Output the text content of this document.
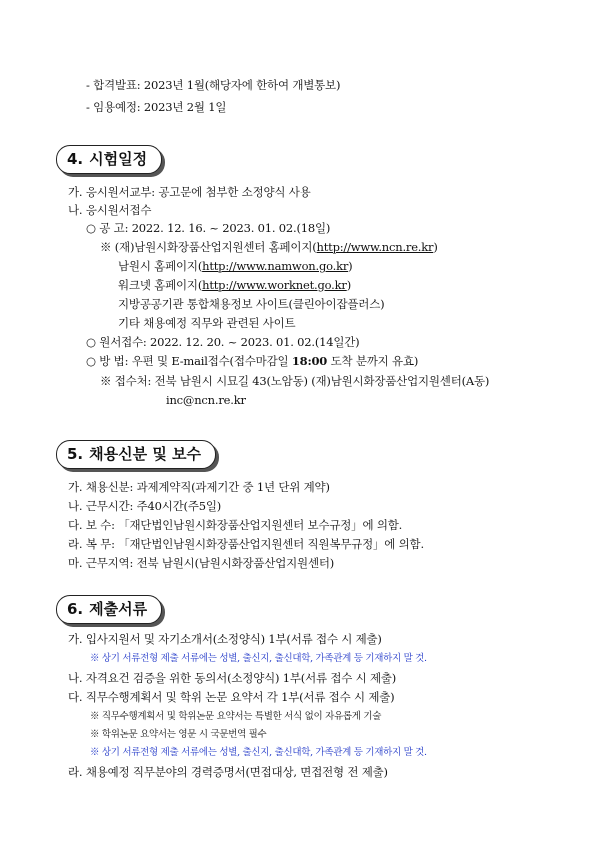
- 합격발표: 2023년 1월(해당자에 한하여 개별통보)
- 임용예정: 2023년 2월 1일
4. 시험일정
가. 응시원서교부: 공고문에 첨부한 소정양식 사용
나. 응시원서접수
○ 공 고: 2022. 12. 16. ~ 2023. 01. 02.(18일)
※ (재)남원시화장품산업지원센터 홈페이지(http://www.ncn.re.kr)
남원시 홈페이지(http://www.namwon.go.kr)
워크넷 홈페이지(http://www.worknet.go.kr)
지방공공기관 통합채용정보 사이트(클린아이잡플러스)
기타 채용예정 직무와 관련된 사이트
○ 원서접수: 2022. 12. 20. ~ 2023. 01. 02.(14일간)
○ 방 법: 우편 및 E-mail접수(접수마감일 18:00 도착 분까지 유효)
※ 접수처: 전북 남원시 시묘길 43(노암동) (재)남원시화장품산업지원센터(A동)
inc@ncn.re.kr
5. 채용신분 및 보수
가. 채용신분: 과제계약직(과제기간 중 1년 단위 계약)
나. 근무시간: 주40시간(주5일)
다. 보 수: 「재단법인남원시화장품산업지원센터 보수규정」에 의함.
라. 복 무: 「재단법인남원시화장품산업지원센터 직원복무규정」에 의함.
마. 근무지역: 전북 남원시(남원시화장품산업지원센터)
6. 제출서류
가. 입사지원서 및 자기소개서(소정양식) 1부(서류 접수 시 제출)
※ 상기 서류전형 제출 서류에는 성별, 출신지, 출신대학, 가족관계 등 기재하지 말 것.
나. 자격요건 검증을 위한 동의서(소정양식) 1부(서류 접수 시 제출)
다. 직무수행계획서 및 학위 논문 요약서 각 1부(서류 접수 시 제출)
※ 직무수행계획서 및 학위논문 요약서는 특별한 서식 없이 자유롭게 기술
※ 학위논문 요약서는 영문 시 국문번역 필수
※ 상기 서류전형 제출 서류에는 성별, 출신지, 출신대학, 가족관계 등 기재하지 말 것.
라. 채용예정 직무분야의 경력증명서(면접대상, 면접전형 전 제출)
